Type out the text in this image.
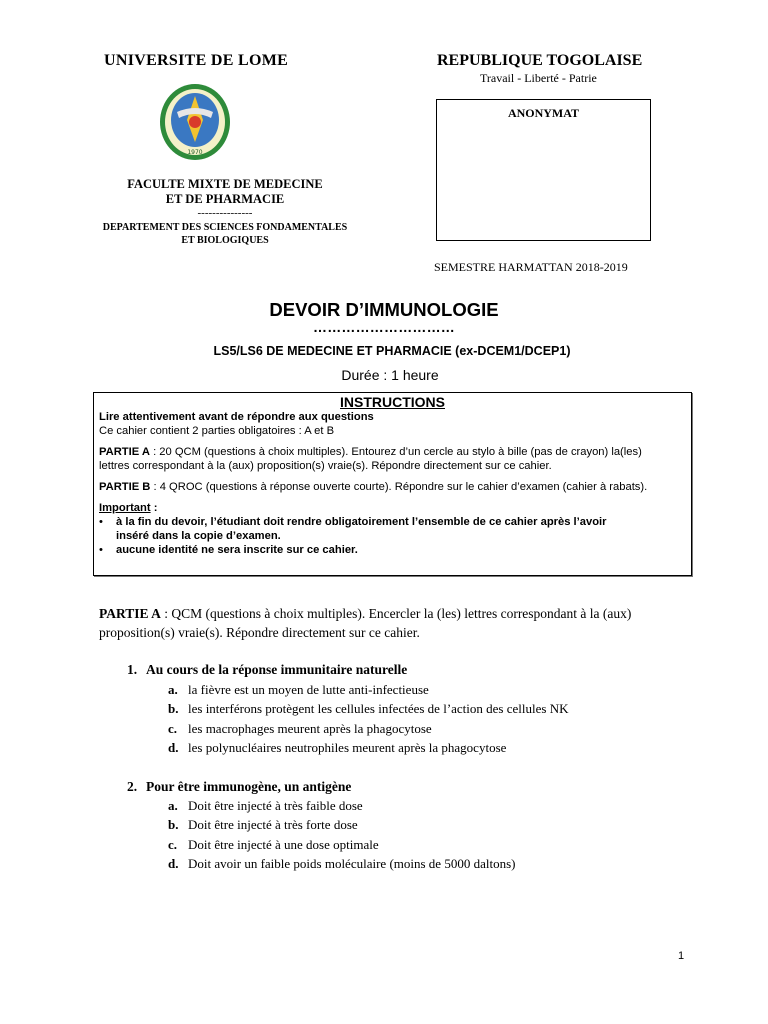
UNIVERSITE DE LOME	REPUBLIQUE TOGOLAISE
Travail - Liberté - Patrie
1970
FACULTE MIXTE DE MEDECINE
ET DE PHARMACIE
---------------
DEPARTEMENT DES SCIENCES FONDAMENTALES
ET BIOLOGIQUES
ANONYMAT
SEMESTRE HARMATTAN 2018-2019
DEVOIR D’IMMUNOLOGIE
…………………………
LS5/LS6 DE MEDECINE ET PHARMACIE (ex-DCEM1/DCEP1)
Durée : 1 heure
INSTRUCTIONS

Lire attentivement avant de répondre aux questions

Ce cahier contient 2 parties obligatoires : A et B

PARTIE A : 20 QCM (questions à choix multiples). Entourez d’un cercle au stylo à bille (pas de crayon) la(les)

lettres correspondant à la (aux) proposition(s) vraie(s). Répondre directement sur ce cahier.

PARTIE B : 4 QROC (questions à réponse ouverte courte). Répondre sur le cahier d’examen (cahier à rabats).

Important :

•	à la fin du devoir, l’étudiant doit rendre obligatoirement l’ensemble de ce cahier après l’avoir
inséré dans la copie d’examen.
•	aucune identité ne sera inscrite sur ce cahier.
PARTIE A : QCM (questions à choix multiples). Encercler la (les) lettres correspondant à la (aux)
proposition(s) vraie(s). Répondre directement sur ce cahier.
1. Au cours de la réponse immunitaire naturelle
a. la fièvre est un moyen de lutte anti-infectieuse
b. les interférons protègent les cellules infectées de l’action des cellules NK
c. les macrophages meurent après la phagocytose
d. les polynucléaires neutrophiles meurent après la phagocytose
2. Pour être immunogène, un antigène
a. Doit être injecté à très faible dose
b. Doit être injecté à très forte dose
c. Doit être injecté à une dose optimale
d. Doit avoir un faible poids moléculaire (moins de 5000 daltons)
1
